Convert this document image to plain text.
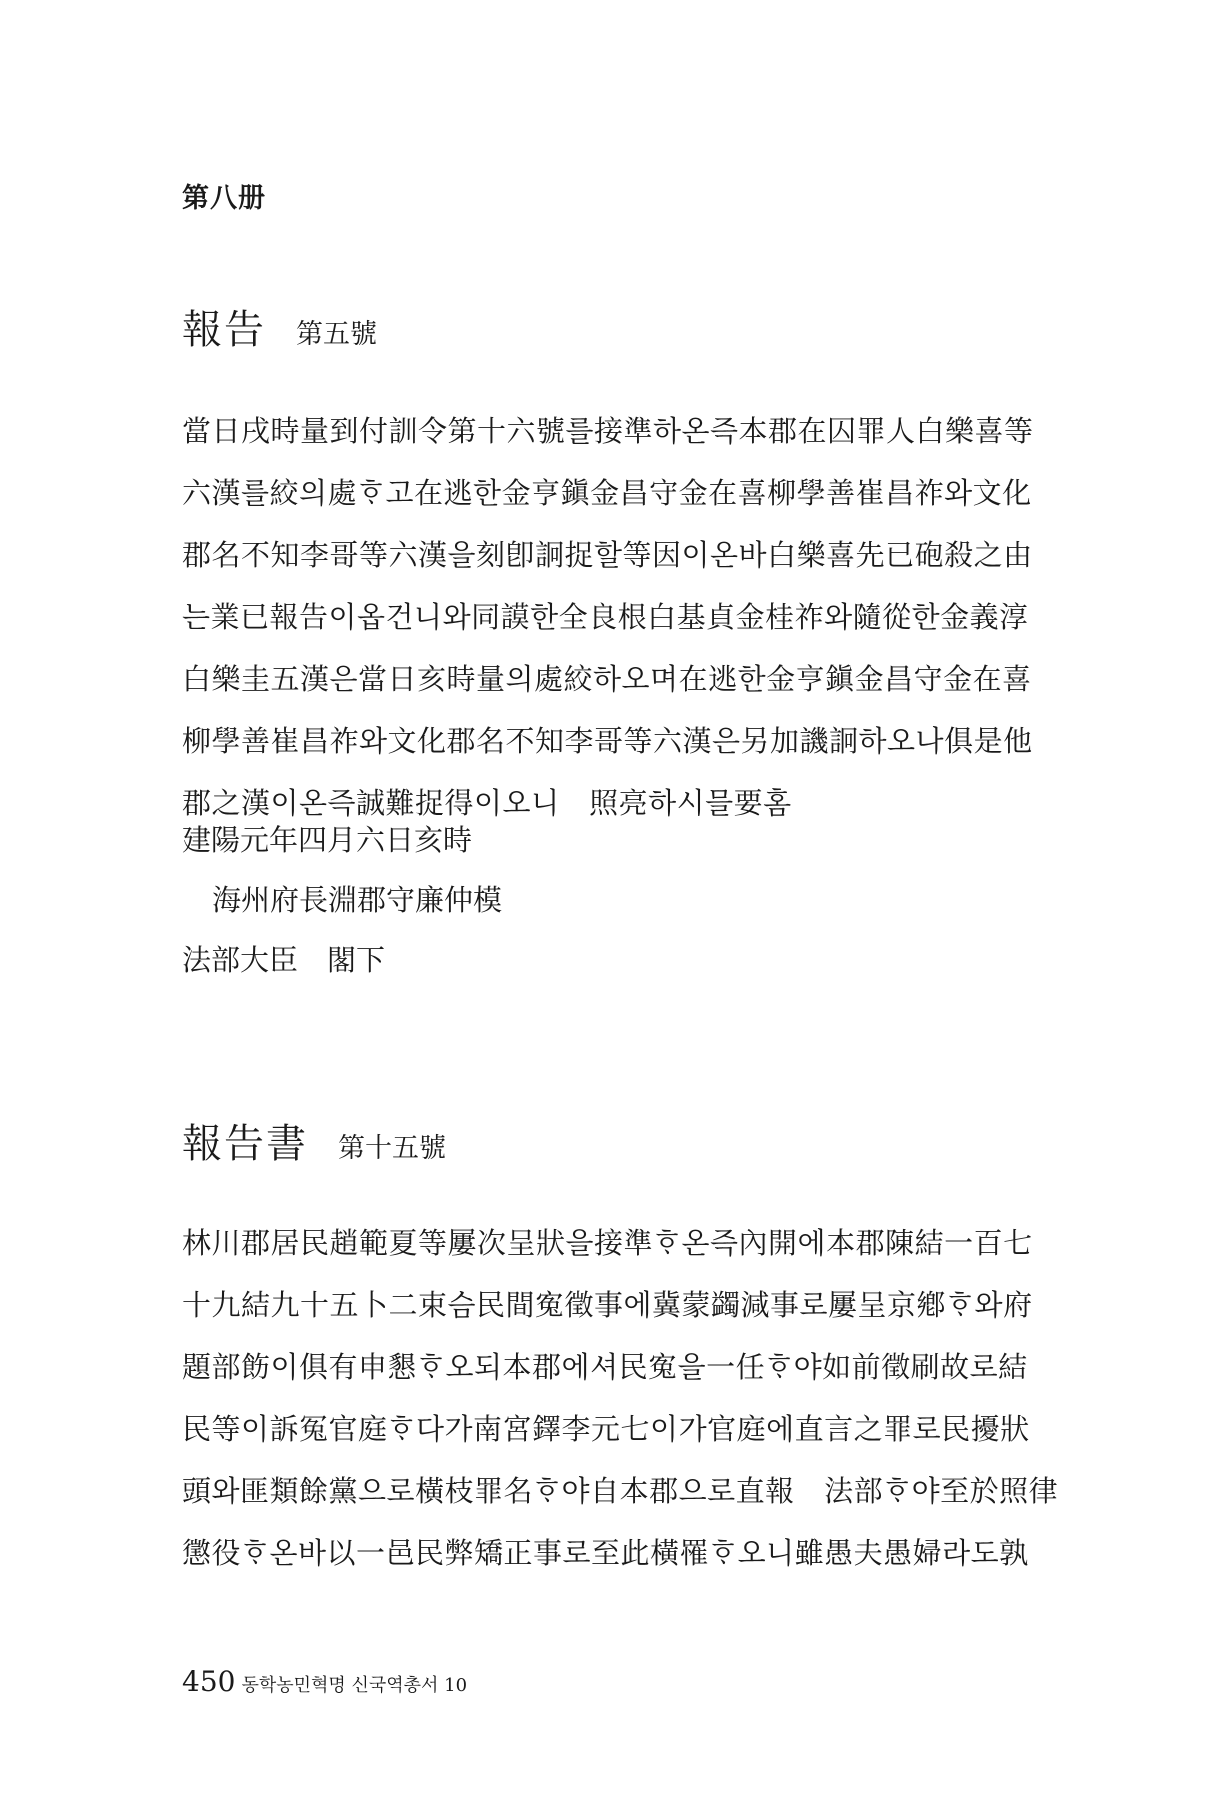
第八册
報告 第五號
當日戌時量到付訓令第十六號를接準하온즉本郡在囚罪人白樂喜等
六漢를絞의處ᄒᆞ고在逃한金亨鎭金昌守金在喜柳學善崔昌祚와文化
郡名不知李哥等六漢을刻卽詗捉할等因이온바白樂喜先已砲殺之由
는業已報告이옵건니와同謨한全良根白基貞金桂祚와隨從한金義淳
白樂圭五漢은當日亥時量의處絞하오며在逃한金亨鎭金昌守金在喜
柳學善崔昌祚와文化郡名不知李哥等六漢은另加譏詗하오나俱是他
郡之漢이온즉誠難捉得이오니　照亮하시믈要홈

建陽元年四月六日亥時

海州府長淵郡守廉仲模

法部大臣　閣下

報告書 第十五號
林川郡居民趙範夏等屢次呈狀을接準ᄒᆞ온즉內開에本郡陳結一百七
十九結九十五卜二束슴民間寃徵事에冀蒙蠲減事로屢呈京鄕ᄒᆞ와府
題部飭이俱有申懇ᄒᆞ오되本郡에셔民寃을一任ᄒᆞ야如前徵刷故로結
民等이訴冤官庭ᄒᆞ다가南宮鐸李元七이가官庭에直言之罪로民擾狀
頭와匪類餘黨으로橫枝罪名ᄒᆞ야自本郡으로直報　法部ᄒᆞ야至於照律
懲役ᄒᆞ온바以一邑民弊矯正事로至此橫罹ᄒᆞ오니雖愚夫愚婦라도孰
450 동학농민혁명 신국역총서 10
